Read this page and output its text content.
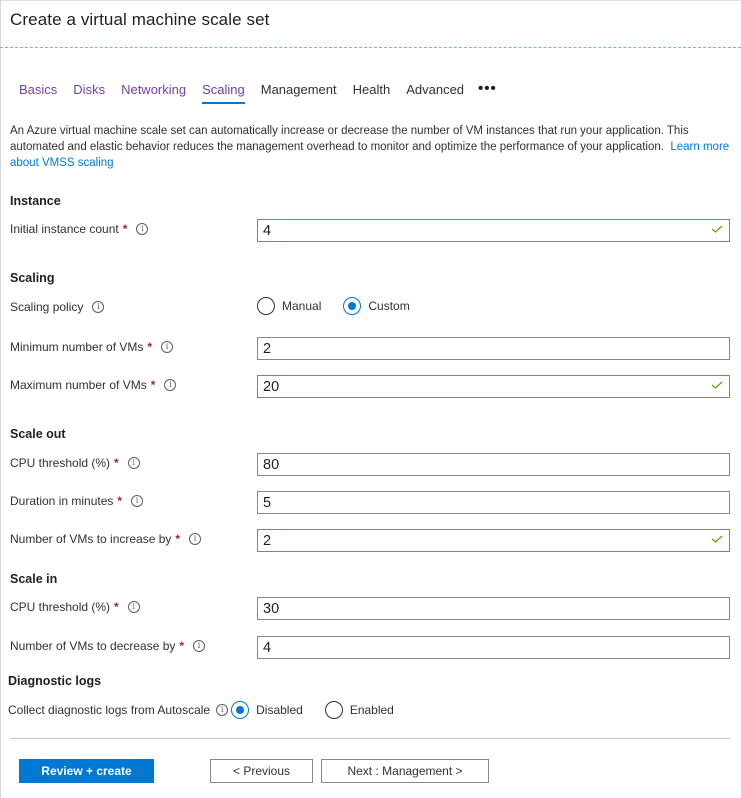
Create a virtual machine scale set
Basics Disks Networking Scaling Management Health Advanced •••
An Azure virtual machine scale set can automatically increase or decrease the number of VM instances that run your application. This automated and elastic behavior reduces the management overhead to monitor and optimize the performance of your application. Learn more about VMSS scaling
Instance
Initial instance count *	i
4
Scaling
Scaling policy	i	Manual	Custom
Minimum number of VMs *	i
2
Maximum number of VMs *	i
20
Scale out
CPU threshold (%) *	i
80
Duration in minutes *	i
5
Number of VMs to increase by *	i
2
Scale in
CPU threshold (%) *	i
30
Number of VMs to decrease by *	i
4
Diagnostic logs
Collect diagnostic logs from Autoscale	i	Disabled	Enabled
Review + create	< Previous	Next : Management >
